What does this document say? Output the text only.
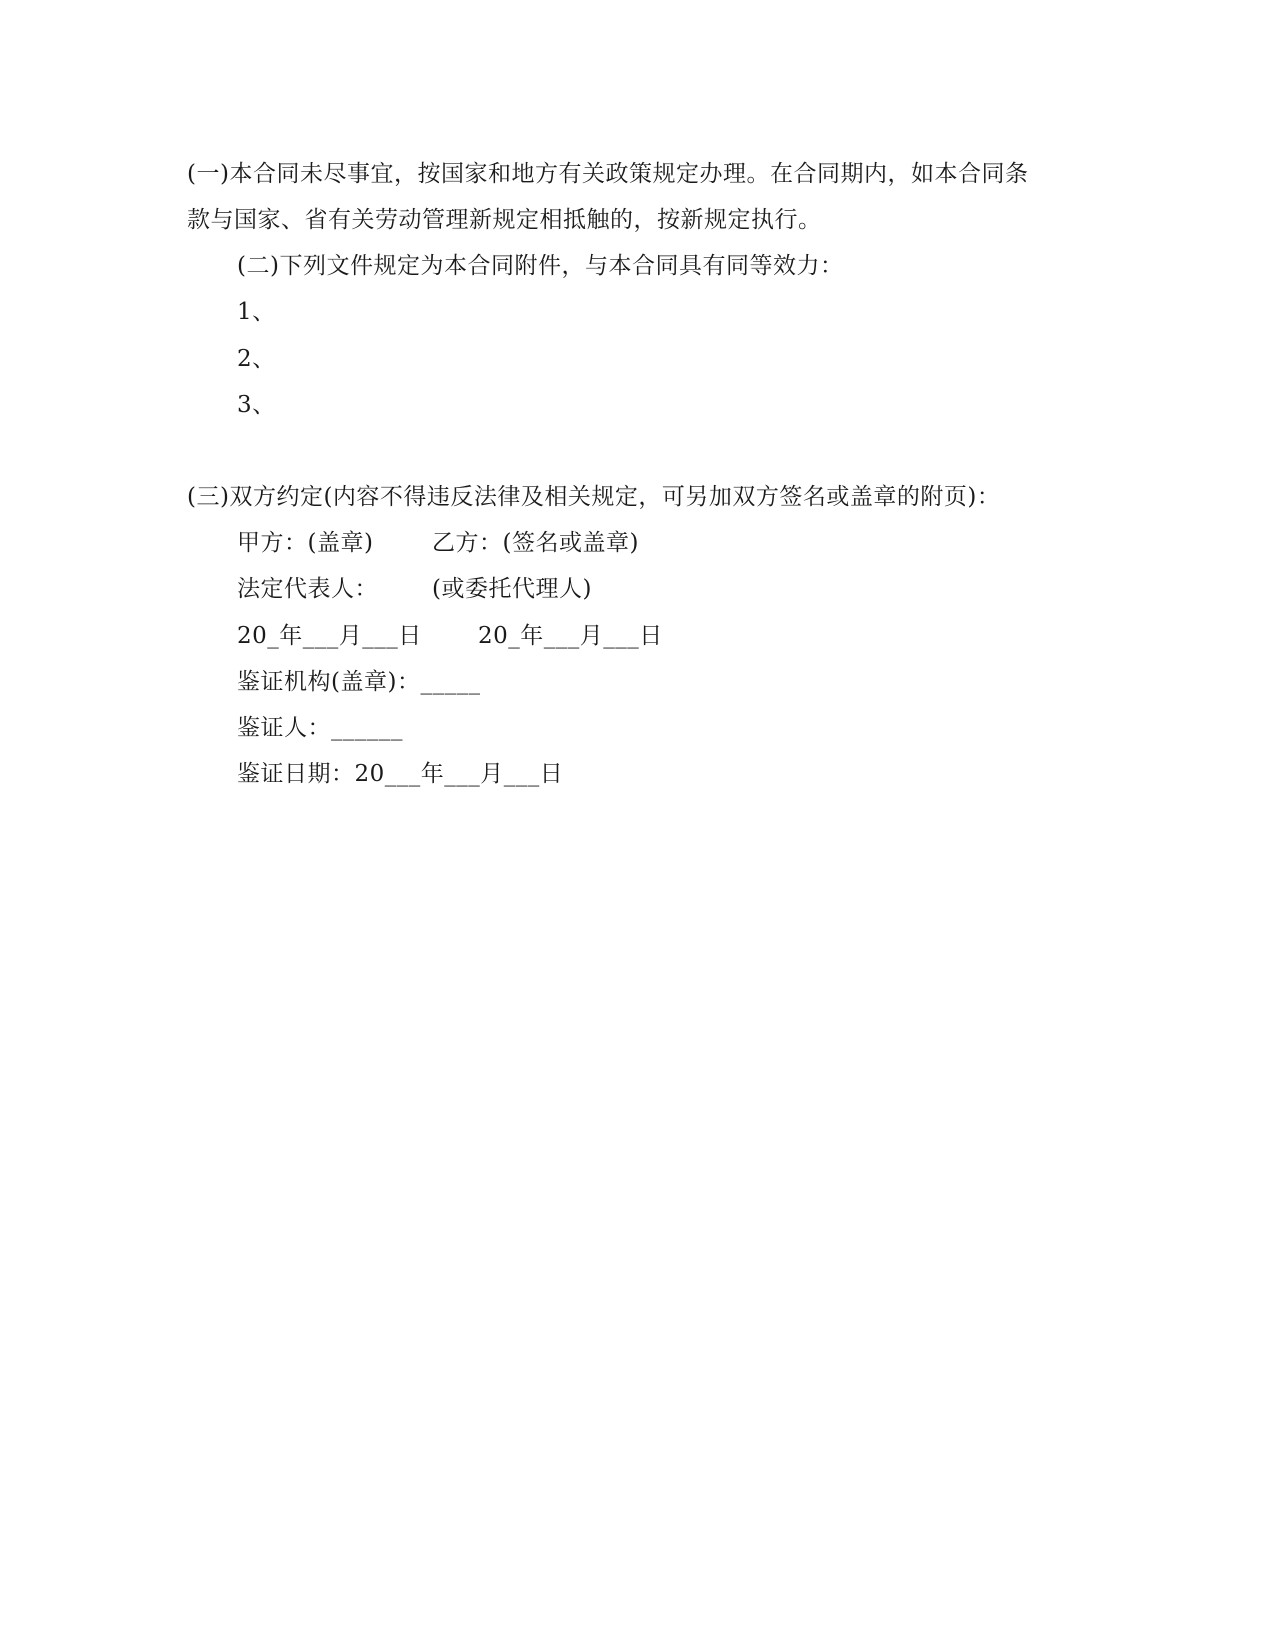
(一)本合同未尽事宜，按国家和地方有关政策规定办理。在合同期内，如本合同条
款与国家、省有关劳动管理新规定相抵触的，按新规定执行。
(二)下列文件规定为本合同附件，与本合同具有同等效力：
1、
2、
3、
(三)双方约定(内容不得违反法律及相关规定，可另加双方签名或盖章的附页)：
甲方：(盖章)	乙方：(签名或盖章)
法定代表人： (或委托代理人)
20_年___月___日 20_年___月___日
鉴证机构(盖章)：_____
鉴证人：______
鉴证日期：20___年___月___日
